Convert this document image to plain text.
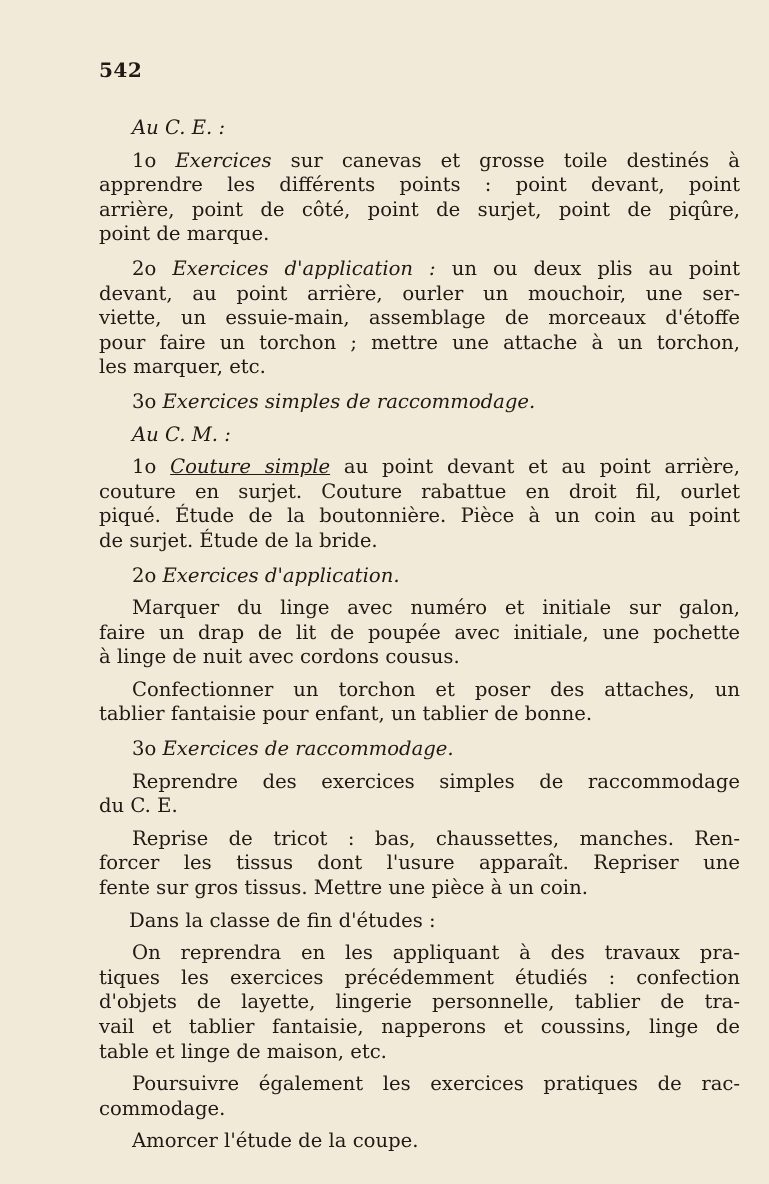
542
Au C. E. :
1o Exercices sur canevas et grosse toile destinés à
apprendre les différents points : point devant, point
arrière, point de côté, point de surjet, point de piqûre,
point de marque.
2o Exercices d'application : un ou deux plis au point
devant, au point arrière, ourler un mouchoir, une ser-
viette, un essuie-main, assemblage de morceaux d'étoffe
pour faire un torchon ; mettre une attache à un torchon,
les marquer, etc.
3o Exercices simples de raccommodage.
Au C. M. :
1o Couture simple au point devant et au point arrière,
couture en surjet. Couture rabattue en droit fil, ourlet
piqué. Étude de la boutonnière. Pièce à un coin au point
de surjet. Étude de la bride.
2o Exercices d'application.
Marquer du linge avec numéro et initiale sur galon,
faire un drap de lit de poupée avec initiale, une pochette
à linge de nuit avec cordons cousus.
Confectionner un torchon et poser des attaches, un
tablier fantaisie pour enfant, un tablier de bonne.
3o Exercices de raccommodage.
Reprendre des exercices simples de raccommodage
du C. E.
Reprise de tricot : bas, chaussettes, manches. Ren-
forcer les tissus dont l'usure apparaît. Repriser une
fente sur gros tissus. Mettre une pièce à un coin.
Dans la classe de fin d'études :
On reprendra en les appliquant à des travaux pra-
tiques les exercices précédemment étudiés : confection
d'objets de layette, lingerie personnelle, tablier de tra-
vail et tablier fantaisie, napperons et coussins, linge de
table et linge de maison, etc.
Poursuivre également les exercices pratiques de rac-
commodage.
Amorcer l'étude de la coupe.
